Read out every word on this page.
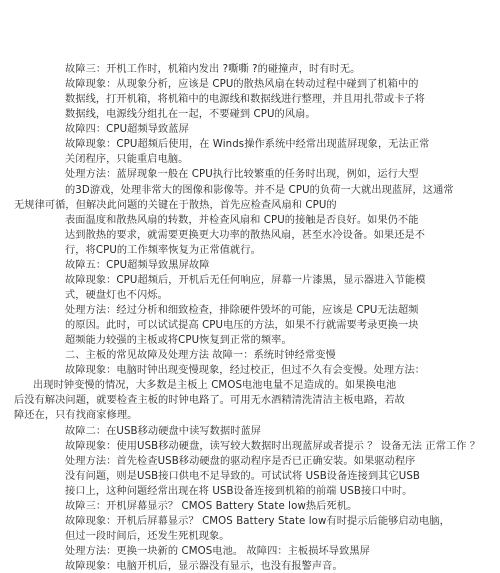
故障三：开机工作时，机箱内发出 ?嘶嘶 ?的碰撞声，时有时无。
故障现象：从现象分析，应该是 CPU的散热风扇在转动过程中碰到了机箱中的
数据线，打开机箱，将机箱中的电源线和数据线进行整理，并且用扎带或卡子将
数据线，电源线分组扎在一起，不要碰到 CPU的风扇。
故障四：CPU超频导致蓝屏
故障现象：CPU超频后使用，在 Winds操作系统中经常出现蓝屏现象，无法正常
关闭程序，只能重启电脑。
处理方法：蓝屏现象一般在 CPU执行比较繁重的任务时出现，例如，运行大型
的3D游戏，处理非常大的图像和影像等。并不是 CPU的负荷一大就出现蓝屏，这通常
无规律可循，但解决此问题的关键在于散热，首先应检查风扇和 CPU的
表面温度和散热风扇的转数，并检查风扇和 CPU的接触是否良好。如果仍不能
达到散热的要求，就需要更换更大功率的散热风扇，甚至水冷设备。如果还是不
行，将CPU的工作频率恢复为正常值就行。
故障五：CPU超频导致黑屏故障
故障现象：CPU超频后，开机后无任何响应，屏幕一片漆黑，显示器进入节能模
式，硬盘灯也不闪烁。
处理方法：经过分析和细致检查，排除硬件毁坏的可能，应该是 CPU无法超频
的原因。此时，可以试试提高 CPU电压的方法，如果不行就需要考录更换一块
超频能力较强的主板或将CPU恢复到正常的频率。
二、主板的常见故障及处理方法 故障一：系统时钟经常变慢
故障现象：电脑时钟出现变慢现象，经过校正，但过不久有会变慢。处理方法：
出现时钟变慢的情况，大多数是主板上 CMOS电池电量不足造成的。如果换电池
后没有解决问题，就要检查主板的时钟电路了。可用无水酒精清洗清洁主板电路，若故
障还在，只有找商家修理。
故障二：在USB移动硬盘中读写数据时蓝屏
故障现象：使用USB移动硬盘，读写较大数据时出现蓝屏或者提示 ？ 设备无法 正常工作 ？
处理方法：首先检查USB移动硬盘的驱动程序是否已正确安装。如果驱动程序
没有问题，则是USB接口供电不足导致的。可试试将 USB设备连接到其它USB
接口上，这种问题经常出现在将 USB设备连接到机箱的前端 USB接口中时。
故障三：开机屏幕显示？ CMOS Battery State low热后死机。
故障现象：开机后屏幕显示？ CMOS Battery State low有时提示后能够启动电脑，
但过一段时间后，还发生死机现象。
处理方法：更换一块新的 CMOS电池。 故障四：主板损坏导致黑屏
故障现象：电脑开机后，显示器没有显示，也没有报警声音。
